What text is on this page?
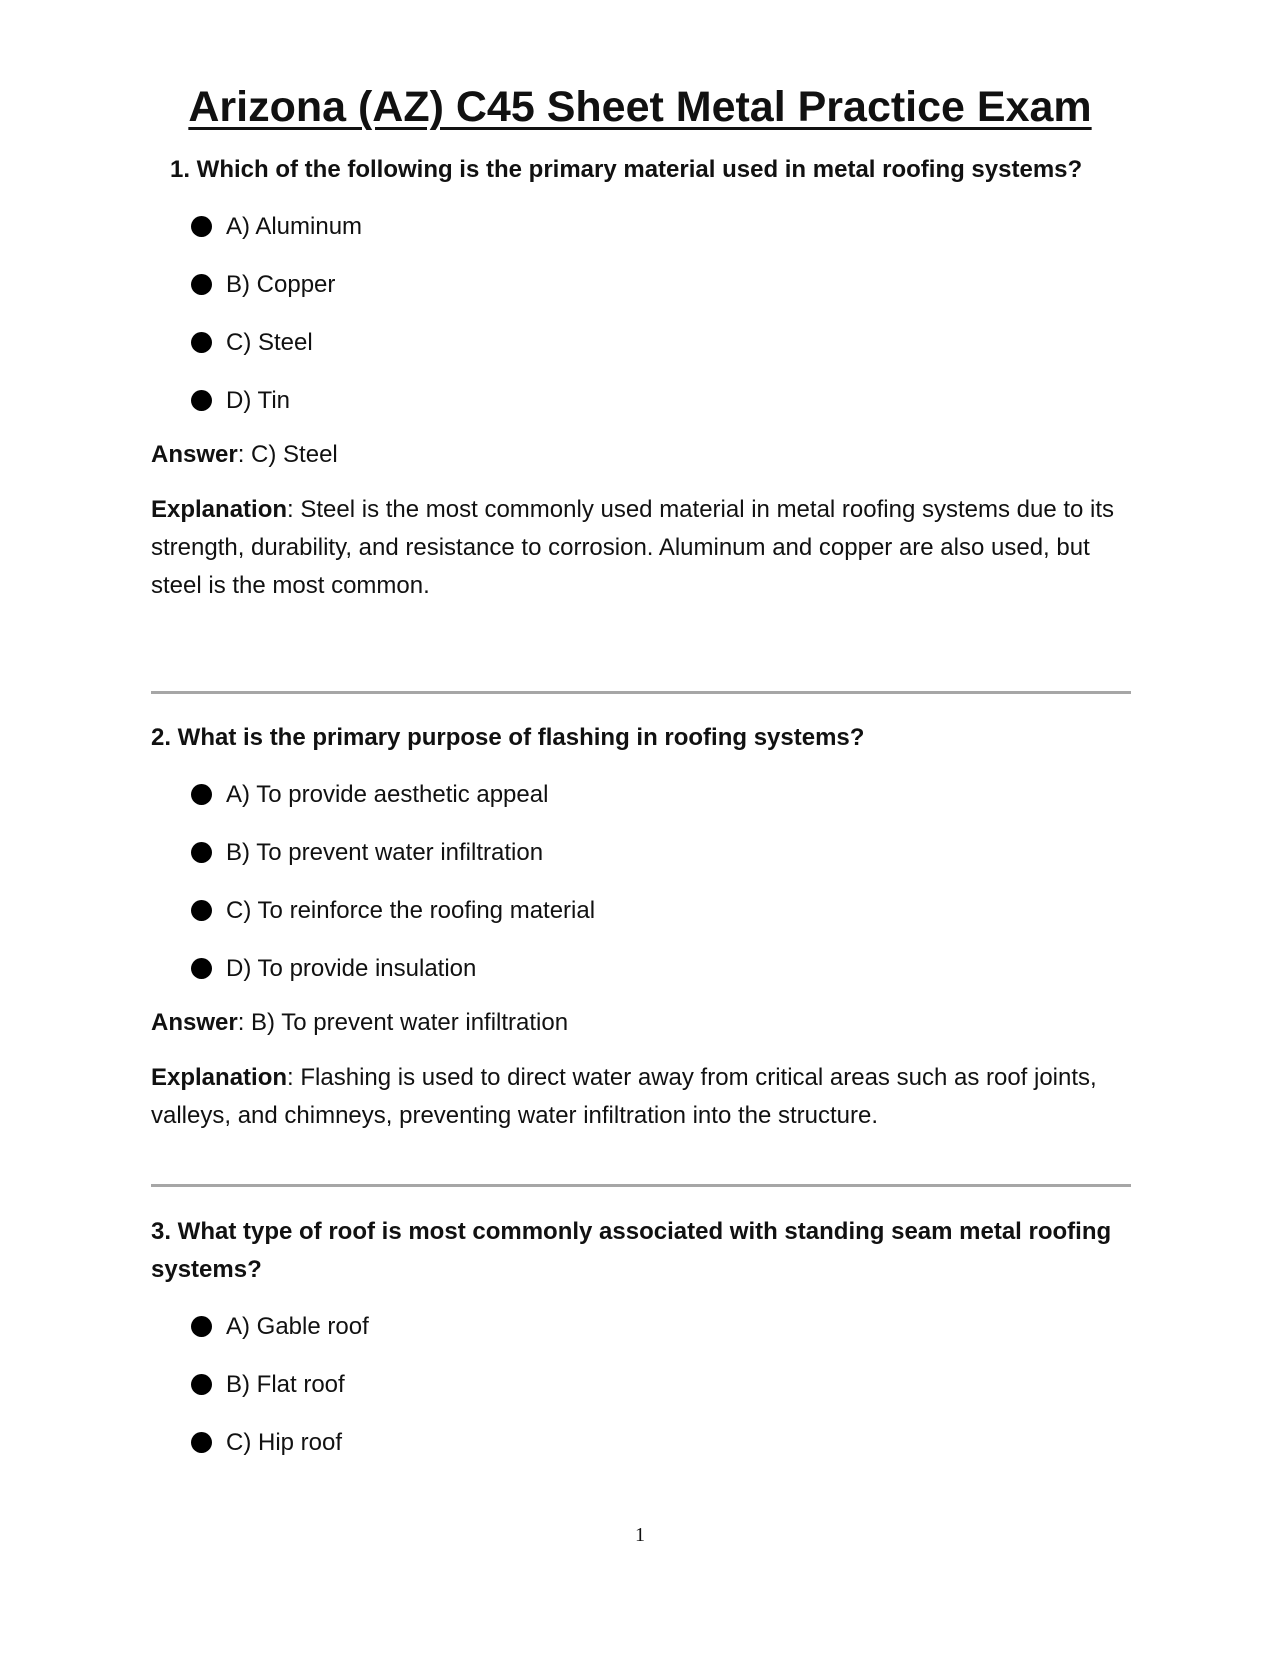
Arizona (AZ) C45 Sheet Metal Practice Exam

1. Which of the following is the primary material used in metal roofing systems?

A) Aluminum
B) Copper
C) Steel
D) Tin

Answer: C) Steel

Explanation: Steel is the most commonly used material in metal roofing systems due to its strength, durability, and resistance to corrosion. Aluminum and copper are also used, but steel is the most common.

2. What is the primary purpose of flashing in roofing systems?

A) To provide aesthetic appeal
B) To prevent water infiltration
C) To reinforce the roofing material
D) To provide insulation

Answer: B) To prevent water infiltration

Explanation: Flashing is used to direct water away from critical areas such as roof joints, valleys, and chimneys, preventing water infiltration into the structure.

3. What type of roof is most commonly associated with standing seam metal roofing systems?

A) Gable roof
B) Flat roof
C) Hip roof
1
